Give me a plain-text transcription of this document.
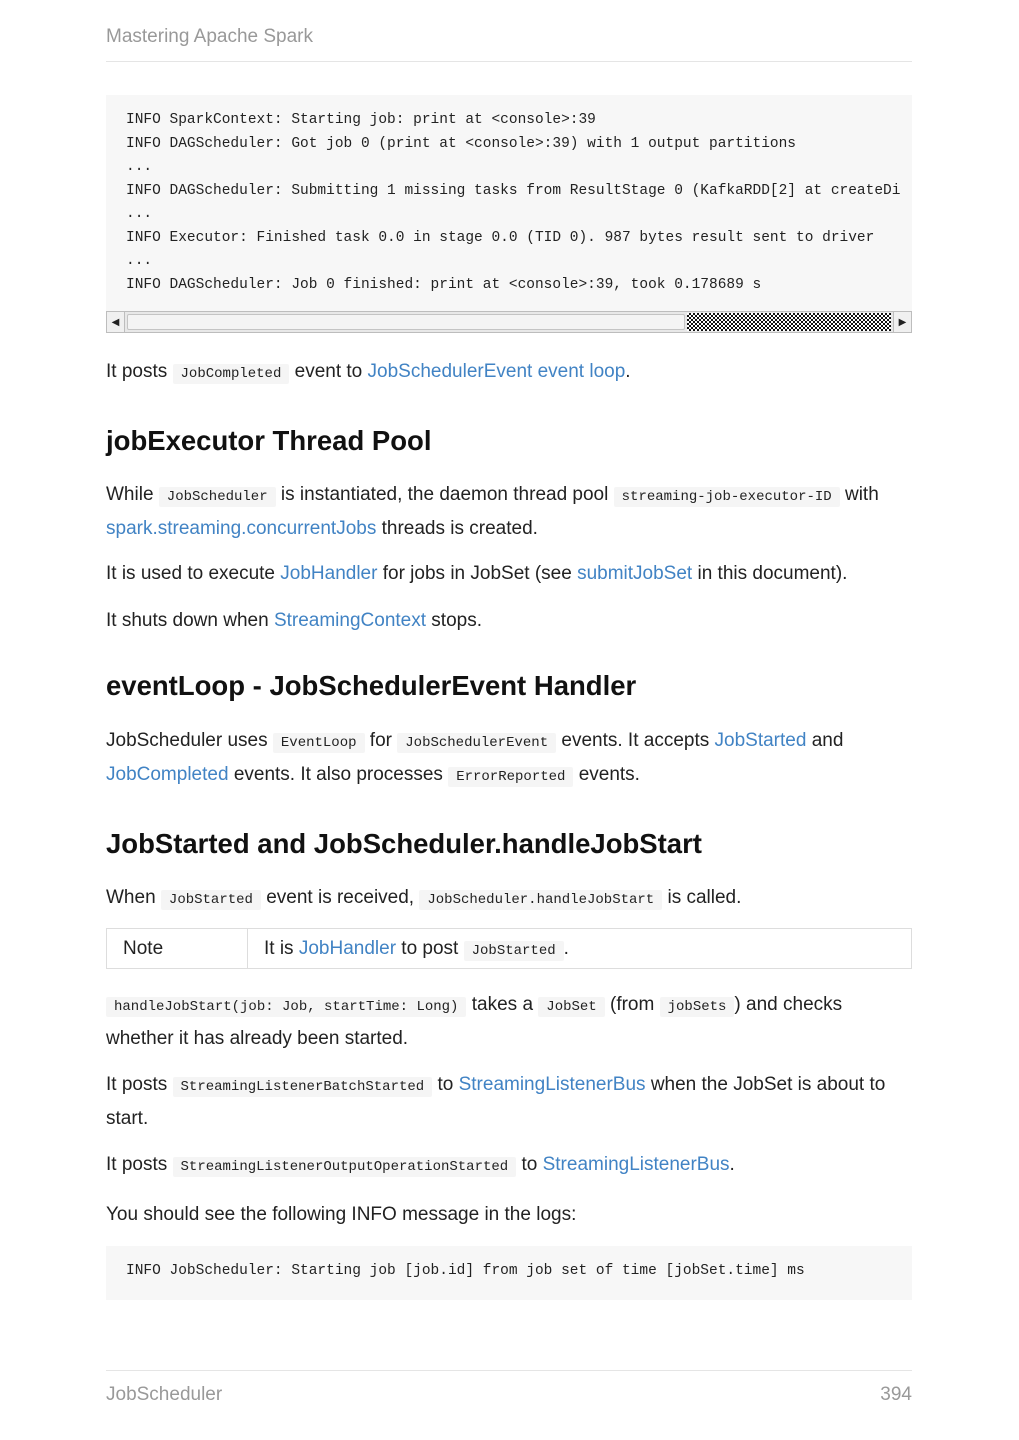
Mastering Apache Spark
INFO SparkContext: Starting job: print at <console>:39
INFO DAGScheduler: Got job 0 (print at <console>:39) with 1 output partitions
...
INFO DAGScheduler: Submitting 1 missing tasks from ResultStage 0 (KafkaRDD[2] at createDi
...
INFO Executor: Finished task 0.0 in stage 0.0 (TID 0). 987 bytes result sent to driver
...
INFO DAGScheduler: Job 0 finished: print at <console>:39, took 0.178689 s
◀	▶

It posts JobCompleted event to JobSchedulerEvent event loop.

jobExecutor Thread Pool

While JobScheduler is instantiated, the daemon thread pool streaming-job-executor-ID with spark.streaming.concurrentJobs threads is created.

It is used to execute JobHandler for jobs in JobSet (see submitJobSet in this document).

It shuts down when StreamingContext stops.

eventLoop - JobSchedulerEvent Handler

JobScheduler uses EventLoop for JobSchedulerEvent events. It accepts JobStarted and JobCompleted events. It also processes ErrorReported events.

JobStarted and JobScheduler.handleJobStart

When JobStarted event is received, JobScheduler.handleJobStart is called.

Note	It is JobHandler to post JobStarted .

handleJobStart(job: Job, startTime: Long) takes a JobSet (from jobSets ) and checks whether it has already been started.

It posts StreamingListenerBatchStarted to StreamingListenerBus when the JobSet is about to start.

It posts StreamingListenerOutputOperationStarted to StreamingListenerBus.

You should see the following INFO message in the logs:

INFO JobScheduler: Starting job [job.id] from job set of time [jobSet.time] ms
JobScheduler	394
